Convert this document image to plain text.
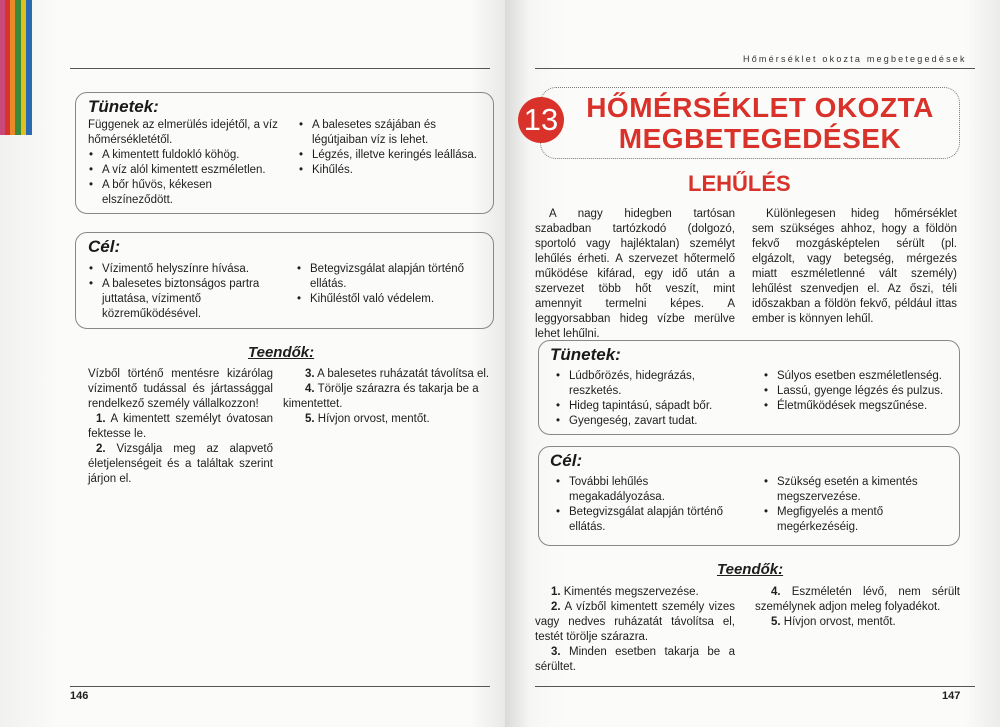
Tünetek:

Függenek az elmerülés idejétől, a víz hőmérsékletétől.

• A kimentett fuldokló köhög.
• A víz alól kimentett eszméletlen.
• A bőr hűvös, kékesen elszíneződött.
• A balesetes szájában és légútjaiban víz is lehet.
• Légzés, illetve keringés leállása.
• Kihűlés.
Cél:
• Vízimentő helyszínre hívása.
• A balesetes biztonságos partra juttatása, vízimentő közreműködésével.
• Betegvizsgálat alapján történő ellátás.
• Kihűléstől való védelem.
Teendők:

Vízből történő mentésre kizárólag vízimentő tudással és jártassággal rendelkező személy vállalkozzon!

1. A kimentett személyt óvatosan fektesse le.

2. Vizsgálja meg az alapvető életjelenségeit és a találtak szerint járjon el.

3. A balesetes ruházatát távolítsa el.

4. Törölje szárazra és takarja be a kimentettet.

5. Hívjon orvost, mentőt.

146
Hőmérséklet okozta megbetegedések
13 HŐMÉRSÉKLET OKOZTA
MEGBETEGEDÉSEK
LEHŰLÉS

A nagy hidegben tartósan szabadban tartózkodó (dolgozó, sportoló vagy hajléktalan) személyt lehűlés érheti. A szervezet hőtermelő működése kifárad, egy idő után a szervezet több hőt veszít, mint amennyit termelni képes. A leggyorsabban hideg vízbe merülve lehet lehűlni.

Különlegesen hideg hőmérséklet sem szükséges ahhoz, hogy a földön fekvő mozgásképtelen sérült (pl. elgázolt, vagy betegség, mérgezés miatt eszméletlenné vált személy) lehűlést szenvedjen el. Az őszi, téli időszakban a földön fekvő, például ittas ember is könnyen lehűl.

Tünetek:
• Lúdbőrözés, hidegrázás, reszketés.
• Hideg tapintású, sápadt bőr.
• Gyengeség, zavart tudat.
• Súlyos esetben eszméletlenség.
• Lassú, gyenge légzés és pulzus.
• Életműködések megszűnése.
Cél:
• További lehűlés megakadályozása.
• Betegvizsgálat alapján történő ellátás.
• Szükség esetén a kimentés megszervezése.
• Megfigyelés a mentő megérkezéséig.
Teendők:

1. Kimentés megszervezése.

2. A vízből kimentett személy vizes vagy nedves ruházatát távolítsa el, testét törölje szárazra.

3. Minden esetben takarja be a sérültet.

4. Eszméletén lévő, nem sérült személynek adjon meleg folyadékot.

5. Hívjon orvost, mentőt.

147
